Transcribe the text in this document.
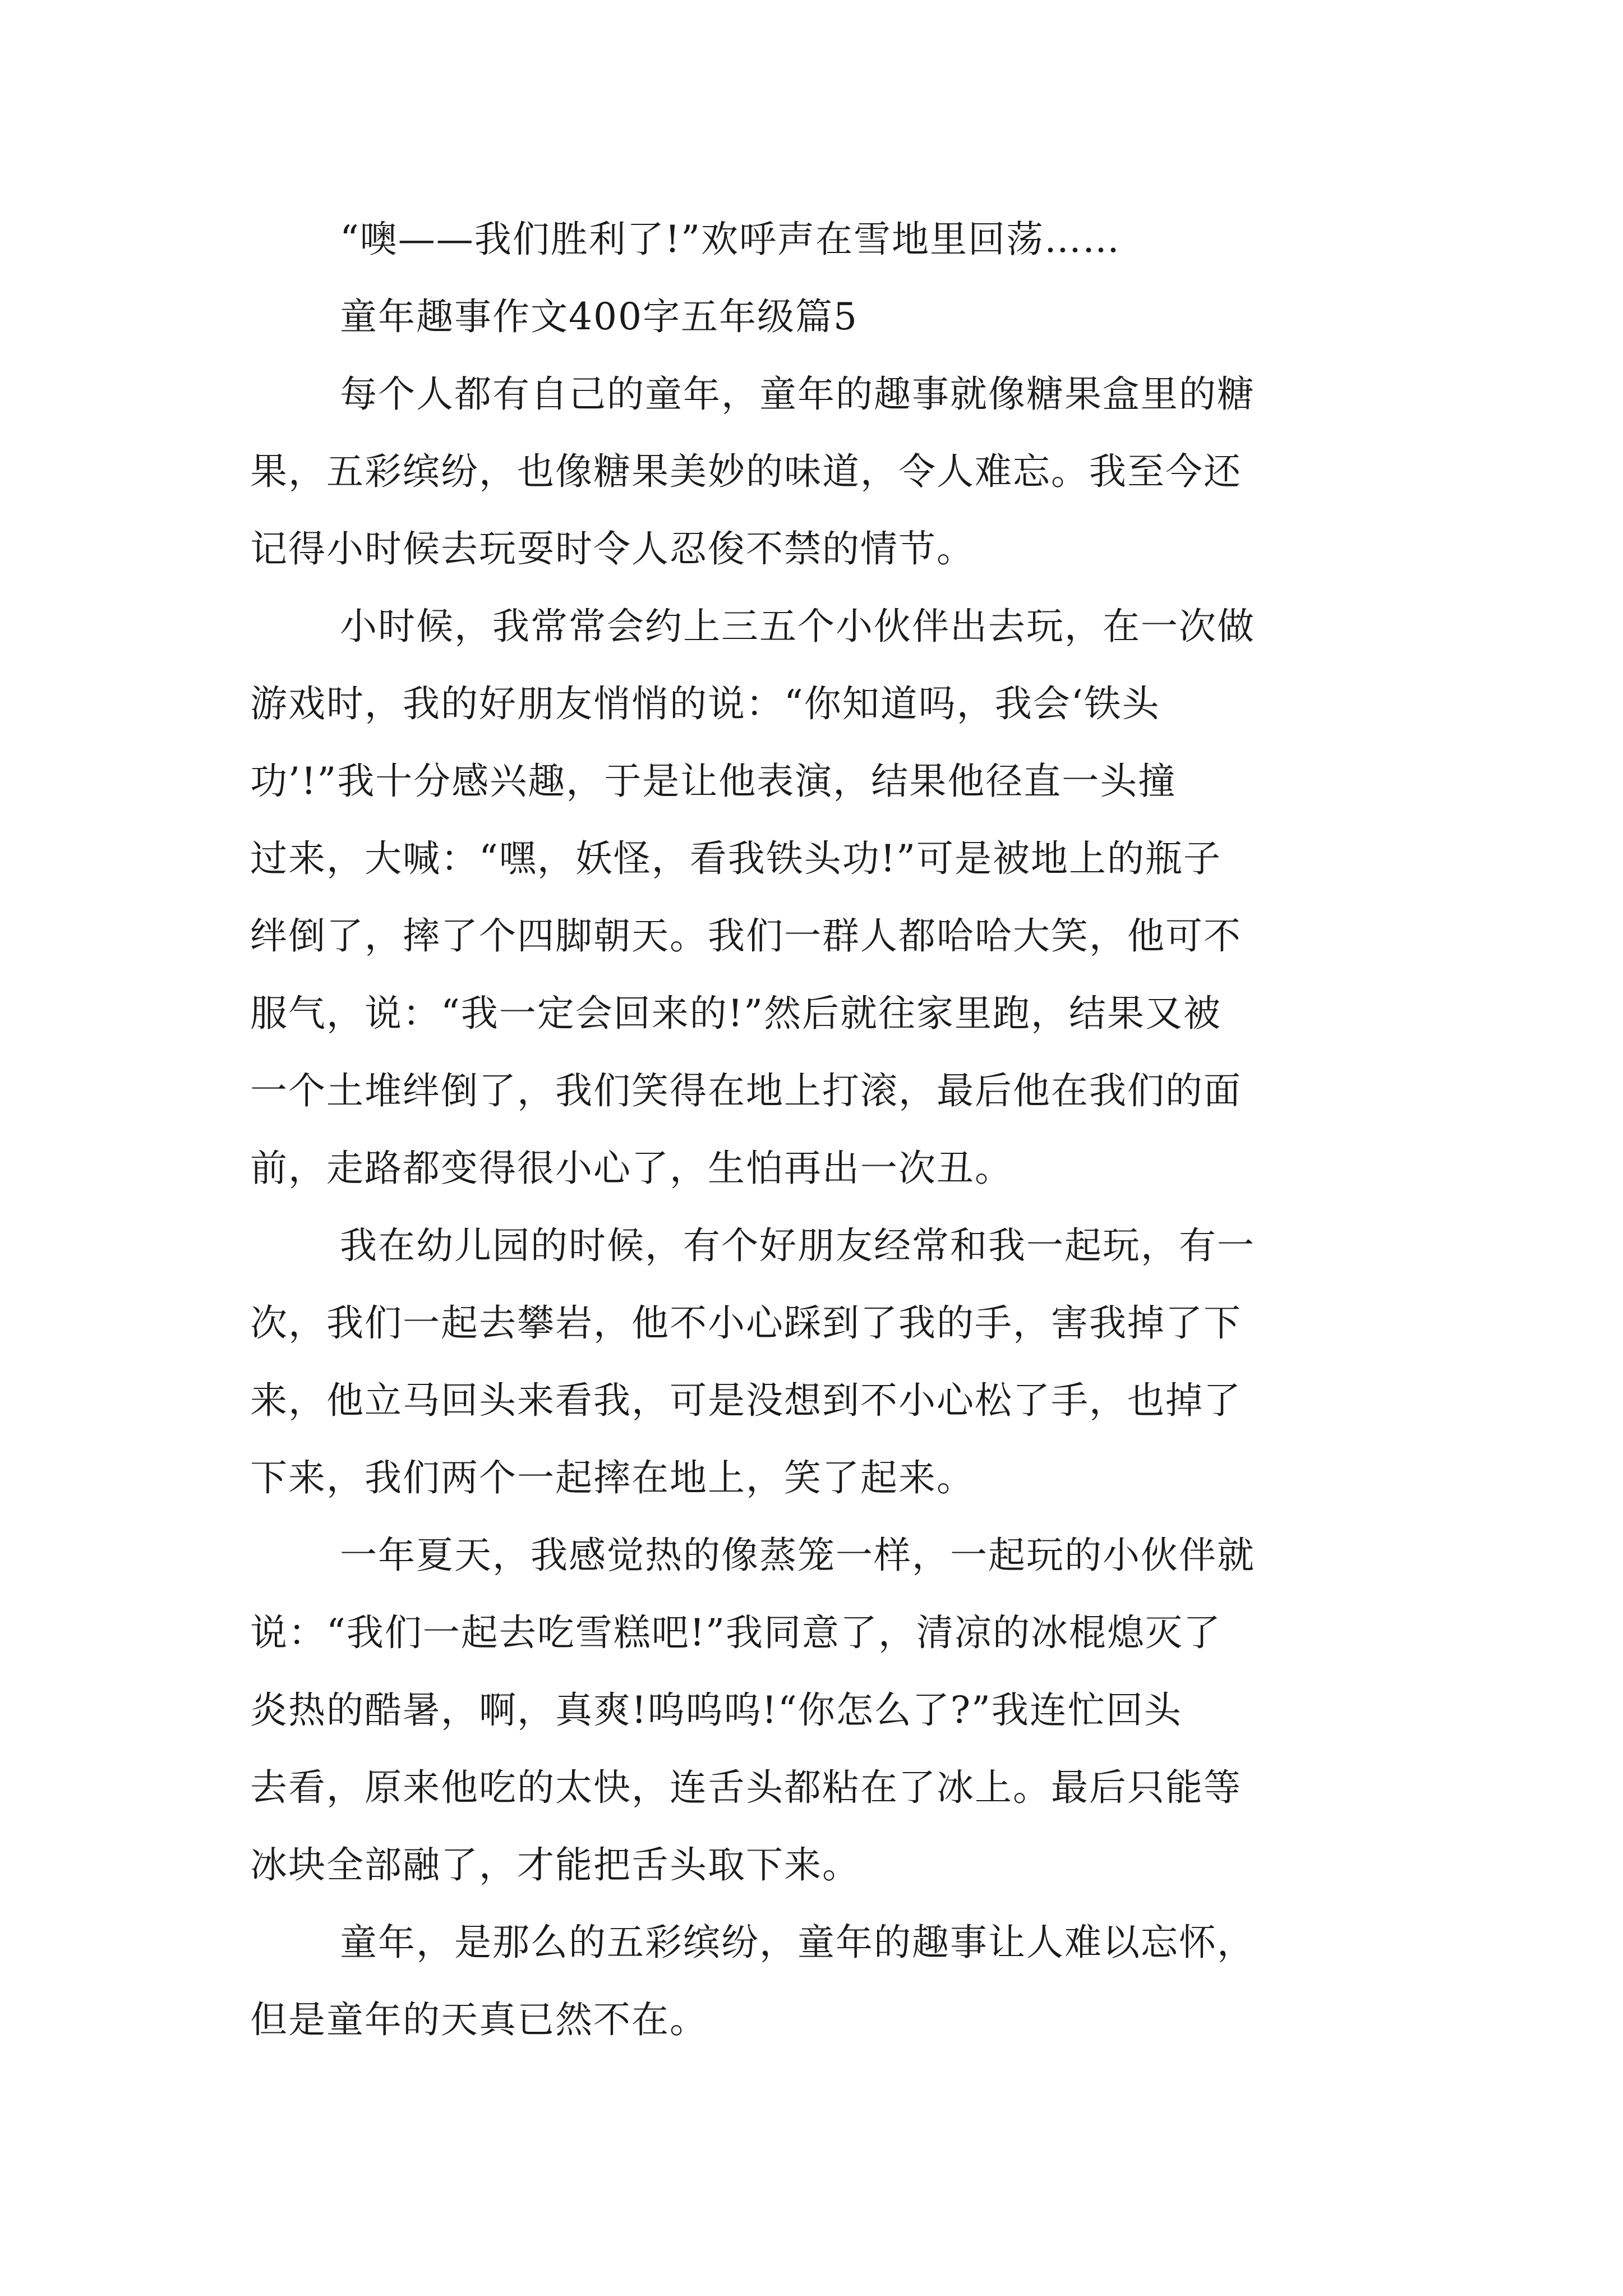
“噢——我们胜利了!”欢呼声在雪地里回荡……
童年趣事作文400字五年级篇5
每个人都有自己的童年，童年的趣事就像糖果盒里的糖
果，五彩缤纷，也像糖果美妙的味道，令人难忘。我至今还
记得小时候去玩耍时令人忍俊不禁的情节。
小时候，我常常会约上三五个小伙伴出去玩，在一次做
游戏时，我的好朋友悄悄的说：“你知道吗，我会‘铁头
功’!”我十分感兴趣，于是让他表演，结果他径直一头撞
过来，大喊：“嘿，妖怪，看我铁头功!”可是被地上的瓶子
绊倒了，摔了个四脚朝天。我们一群人都哈哈大笑，他可不
服气，说：“我一定会回来的!”然后就往家里跑，结果又被
一个土堆绊倒了，我们笑得在地上打滚，最后他在我们的面
前，走路都变得很小心了，生怕再出一次丑。
我在幼儿园的时候，有个好朋友经常和我一起玩，有一
次，我们一起去攀岩，他不小心踩到了我的手，害我掉了下
来，他立马回头来看我，可是没想到不小心松了手，也掉了
下来，我们两个一起摔在地上，笑了起来。
一年夏天，我感觉热的像蒸笼一样，一起玩的小伙伴就
说：“我们一起去吃雪糕吧!”我同意了，清凉的冰棍熄灭了
炎热的酷暑，啊，真爽!呜呜呜!“你怎么了?”我连忙回头
去看，原来他吃的太快，连舌头都粘在了冰上。最后只能等
冰块全部融了，才能把舌头取下来。
童年，是那么的五彩缤纷，童年的趣事让人难以忘怀，
但是童年的天真已然不在。
